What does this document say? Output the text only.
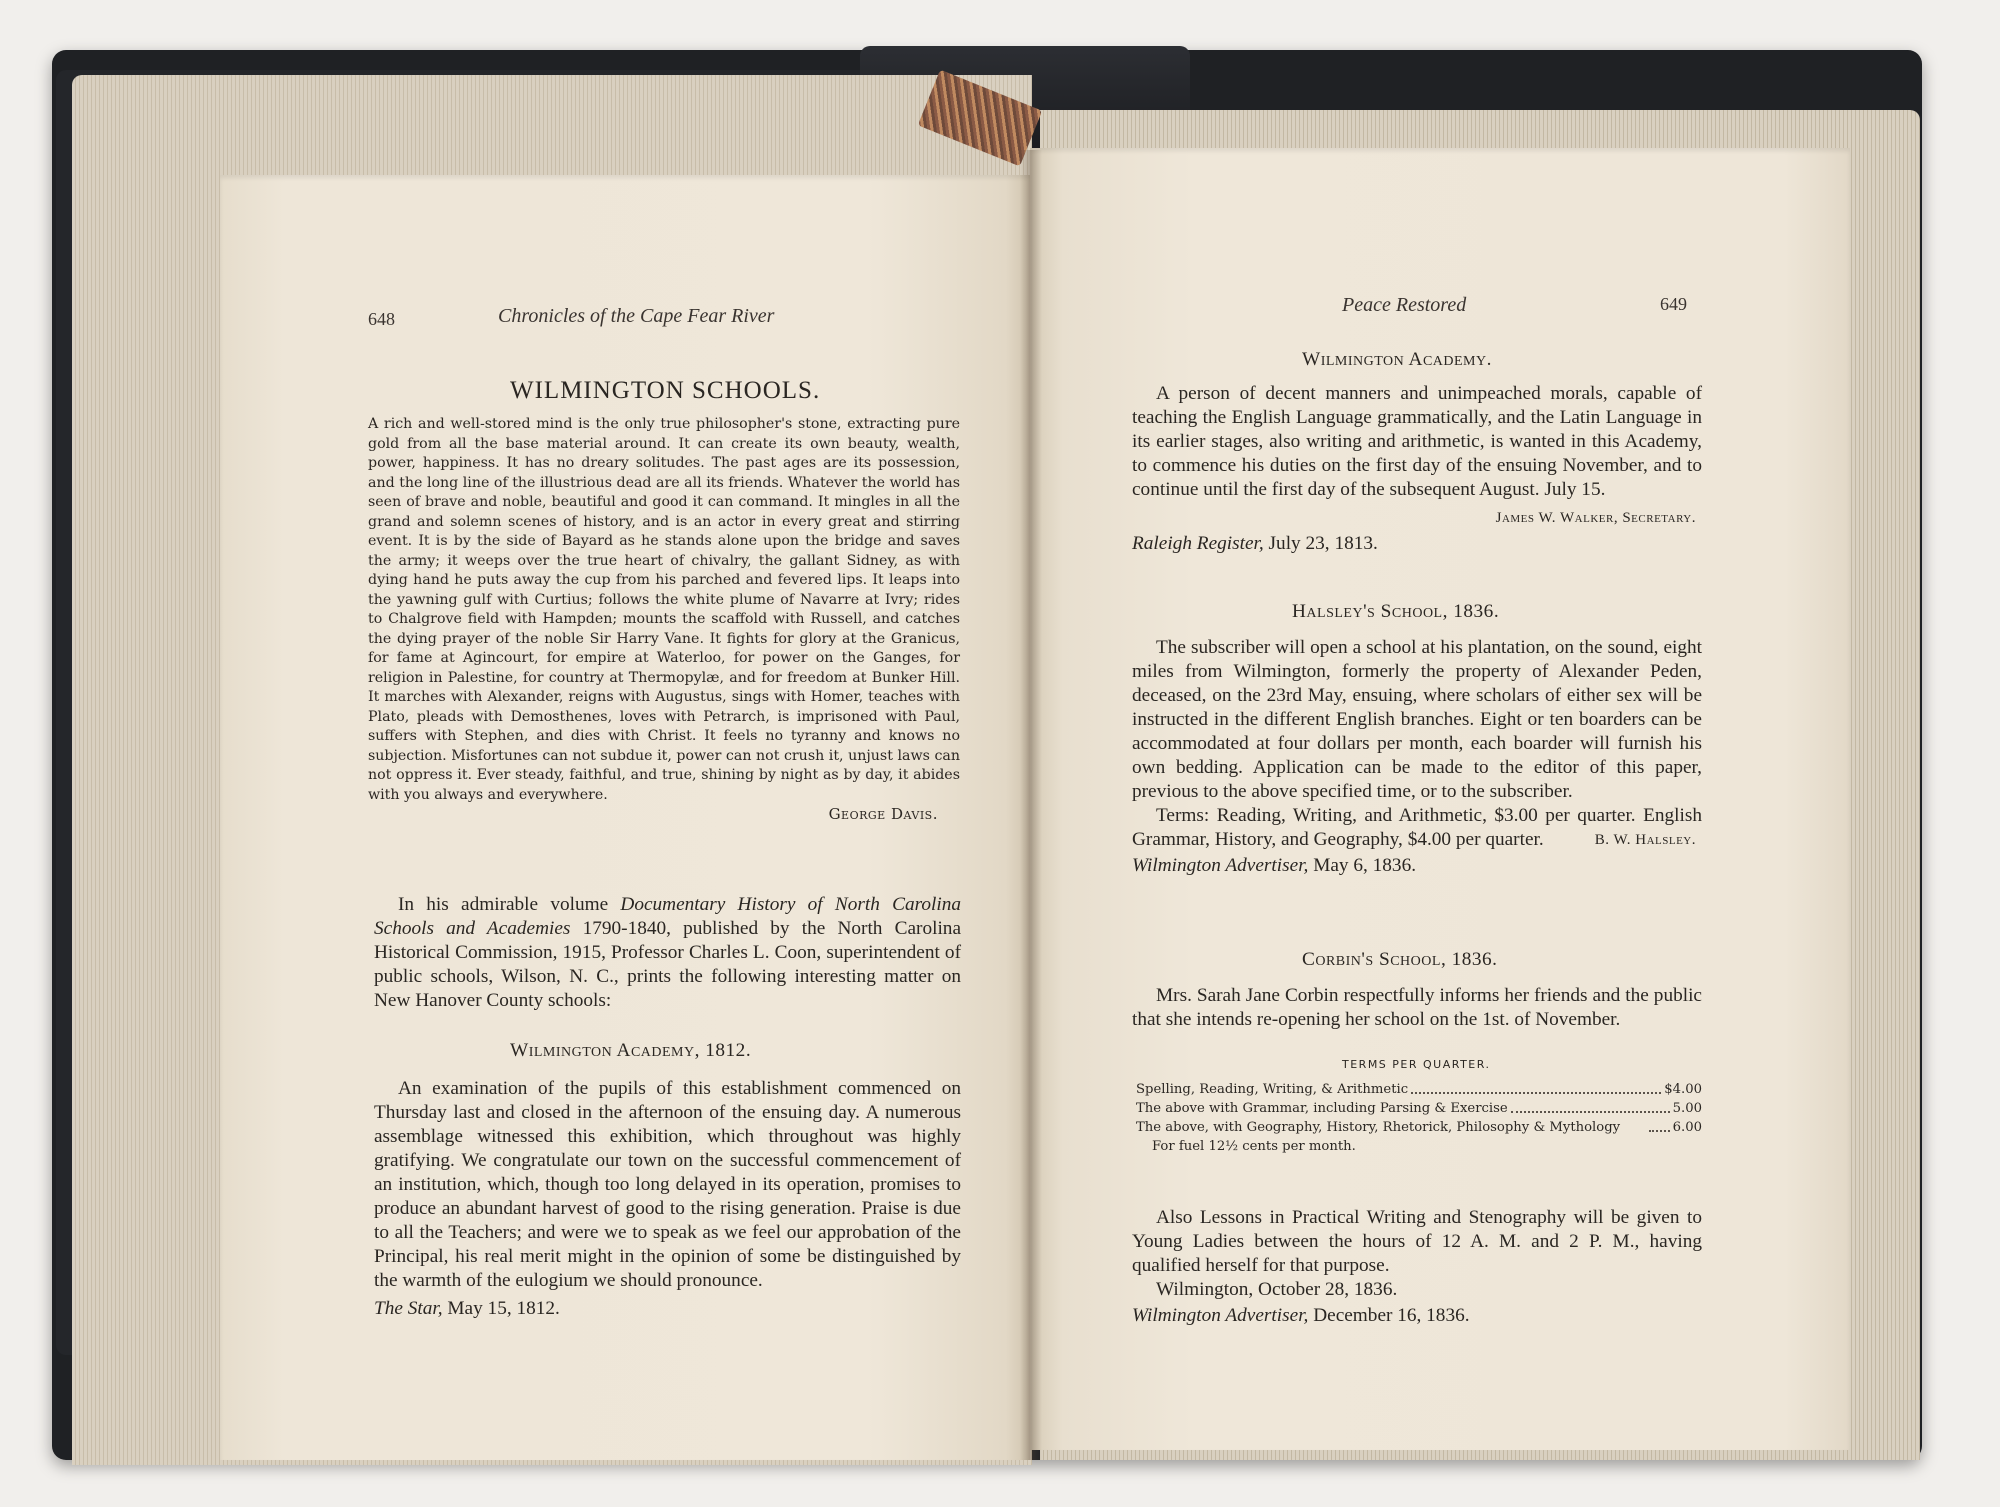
648	Chronicles of the Cape Fear River
WILMINGTON SCHOOLS.

A rich and well-stored mind is the only true philosopher's stone, extracting pure gold from all the base material around. It can create its own beauty, wealth, power, happiness. It has no dreary solitudes. The past ages are its possession, and the long line of the illustrious dead are all its friends. Whatever the world has seen of brave and noble, beautiful and good it can command. It mingles in all the grand and solemn scenes of history, and is an actor in every great and stirring event. It is by the side of Bayard as he stands alone upon the bridge and saves the army; it weeps over the true heart of chivalry, the gallant Sidney, as with dying hand he puts away the cup from his parched and fevered lips. It leaps into the yawning gulf with Curtius; follows the white plume of Navarre at Ivry; rides to Chalgrove field with Hampden; mounts the scaffold with Russell, and catches the dying prayer of the noble Sir Harry Vane. It fights for glory at the Granicus, for fame at Agincourt, for empire at Waterloo, for power on the Ganges, for religion in Palestine, for country at Thermopylæ, and for freedom at Bunker Hill. It marches with Alexander, reigns with Augustus, sings with Homer, teaches with Plato, pleads with Demosthenes, loves with Petrarch, is imprisoned with Paul, suffers with Stephen, and dies with Christ. It feels no tyranny and knows no subjection. Misfortunes can not subdue it, power can not crush it, unjust laws can not oppress it. Ever steady, faithful, and true, shining by night as by day, it abides with you always and everywhere.

George Davis.

In his admirable volume Documentary History of North Carolina Schools and Academies 1790-1840, published by the North Carolina Historical Commission, 1915, Professor Charles L. Coon, superintendent of public schools, Wilson, N. C., prints the following interesting matter on New Hanover County schools:

Wilmington Academy, 1812.

An examination of the pupils of this establishment commenced on Thursday last and closed in the afternoon of the ensuing day. A numerous assemblage witnessed this exhibition, which throughout was highly gratifying. We congratulate our town on the successful commencement of an institution, which, though too long delayed in its operation, promises to produce an abundant harvest of good to the rising generation. Praise is due to all the Teachers; and were we to speak as we feel our approbation of the Principal, his real merit might in the opinion of some be distinguished by the warmth of the eulogium we should pronounce.

The Star, May 15, 1812.

Peace Restored	649
Wilmington Academy.

A person of decent manners and unimpeached morals, capable of teaching the English Language grammatically, and the Latin Language in its earlier stages, also writing and arithmetic, is wanted in this Academy, to commence his duties on the first day of the ensuing November, and to continue until the first day of the subsequent August. July 15.

James W. Walker, Secretary.

Raleigh Register, July 23, 1813.

Halsley's School, 1836.

The subscriber will open a school at his plantation, on the sound, eight miles from Wilmington, formerly the property of Alexander Peden, deceased, on the 23rd May, ensuing, where scholars of either sex will be instructed in the different English branches. Eight or ten boarders can be accommodated at four dollars per month, each boarder will furnish his own bedding. Application can be made to the editor of this paper, previous to the above specified time, or to the subscriber.

Terms: Reading, Writing, and Arithmetic, $3.00 per quarter. English Grammar, History, and Geography, $4.00 per quarter.	B. W. Halsley.

Wilmington Advertiser, May 6, 1836.

Corbin's School, 1836.

Mrs. Sarah Jane Corbin respectfully informs her friends and the public that she intends re-opening her school on the 1st. of November.

TERMS PER QUARTER.
Spelling, Reading, Writing, & Arithmetic	$4.00
The above with Grammar, including Parsing & Exercise	5.00
The above, with Geography, History, Rhetorick, Philosophy & Mythology	6.00
For fuel 12½ cents per month.

Also Lessons in Practical Writing and Stenography will be given to Young Ladies between the hours of 12 A. M. and 2 P. M., having qualified herself for that purpose.

Wilmington, October 28, 1836.

Wilmington Advertiser, December 16, 1836.
